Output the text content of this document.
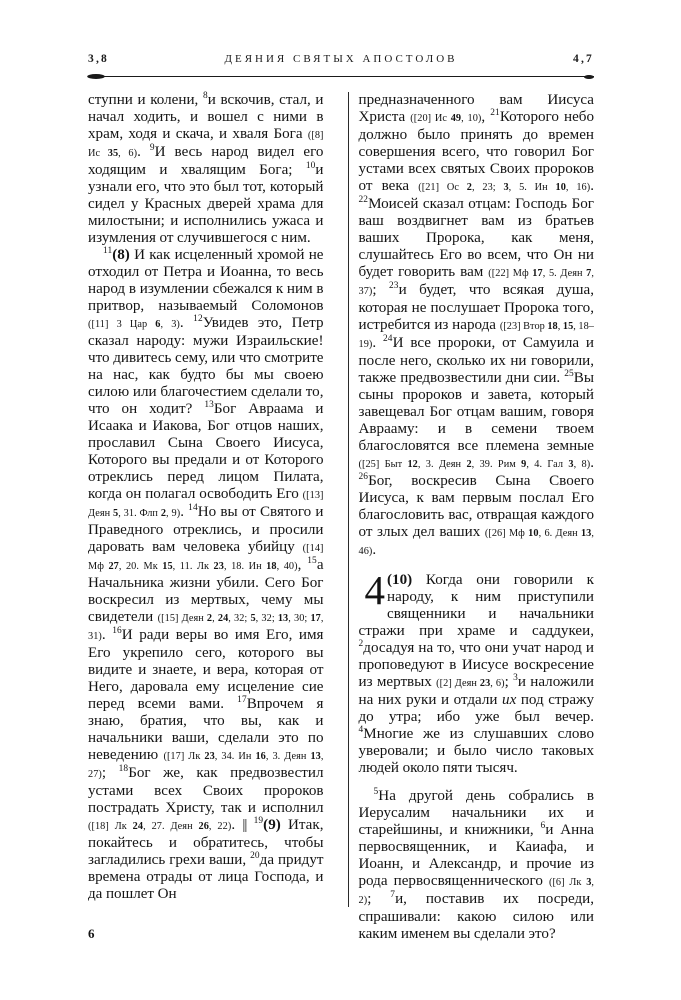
3,8	ДЕЯНИЯ СВЯТЫХ АПОСТОЛОВ	4,7

ступни и колени, $^8$и вскочив, стал, и начал ходить, и вошел с ними в храм, ходя и скача, и хваля Бога ([8] Ис 35, 6). $^9$И весь народ видел его ходящим и хвалящим Бога; $^{10}$и узнали его, что это был тот, который сидел у Красных дверей храма для милостыни; и исполнились ужаса и изумления от случившегося с ним.

$^{11}$(8) И как исцеленный хромой не отходил от Петра и Иоанна, то весь народ в изумлении сбежался к ним в притвор, называемый Соломонов ([11] 3 Цар 6, 3). $^{12}$Увидев это, Петр сказал народу: мужи Израильские! что дивитесь сему, или что смотрите на нас, как будто бы мы своею силою или благочестием сделали то, что он ходит? $^{13}$Бог Авраама и Исаака и Иакова, Бог отцов наших, прославил Сына Своего Иисуса, Которого вы предали и от Которого отреклись перед лицом Пилата, когда он полагал освободить Его ([13] Деян 5, 31. Флп 2, 9). $^{14}$Но вы от Святого и Праведного отреклись, и просили даровать вам человека убийцу ([14] Мф 27, 20. Мк 15, 11. Лк 23, 18. Ин 18, 40), $^{15}$а Начальника жизни убили. Сего Бог воскресил из мертвых, чему мы свидетели ([15] Деян 2, 24, 32; 5, 32; 13, 30; 17, 31). $^{16}$И ради веры во имя Его, имя Его укрепило сего, которого вы видите и знаете, и вера, которая от Него, даровала ему исцеление сие перед всеми вами. $^{17}$Впрочем я знаю, братия, что вы, как и начальники ваши, сделали это по неведению ([17] Лк 23, 34. Ин 16, 3. Деян 13, 27); $^{18}$Бог же, как предвозвестил устами всех Своих пророков пострадать Христу, так и исполнил ([18] Лк 24, 27. Деян 26, 22). || $^{19}$(9) Итак, покайтесь и обратитесь, чтобы загладились грехи ваши, $^{20}$да придут времена отрады от лица Господа, и да пошлет Он

предназначенного вам Иисуса Христа ([20] Ис 49, 10), $^{21}$Которого небо должно было принять до времен совершения всего, что говорил Бог устами всех святых Своих пророков от века ([21] Ос 2, 23; 3, 5. Ин 10, 16). $^{22}$Моисей сказал отцам: Господь Бог ваш воздвигнет вам из братьев ваших Пророка, как меня, слушайтесь Его во всем, что Он ни будет говорить вам ([22] Мф 17, 5. Деян 7, 37); $^{23}$и будет, что всякая душа, которая не послушает Пророка того, истребится из народа ([23] Втор 18, 15, 18–19). $^{24}$И все пророки, от Самуила и после него, сколько их ни говорили, также предвозвестили дни сии. $^{25}$Вы сыны пророков и завета, который завещевал Бог отцам вашим, говоря Аврааму: и в семени твоем благословятся все племена земные ([25] Быт 12, 3. Деян 2, 39. Рим 9, 4. Гал 3, 8). $^{26}$Бог, воскресив Сына Своего Иисуса, к вам первым послал Его благословить вас, отвращая каждого от злых дел ваших ([26] Мф 10, 6. Деян 13, 46).

4 (10) Когда они говорили к народу, к ним приступили священники и начальники стражи при храме и саддукеи, $^2$досадуя на то, что они учат народ и проповедуют в Иисусе воскресение из мертвых ([2] Деян 23, 6); $^3$и наложили на них руки и отдали их под стражу до утра; ибо уже был вечер. $^4$Многие же из слушавших слово уверовали; и было число таковых людей около пяти тысяч.

$^5$На другой день собрались в Иерусалим начальники их и старейшины, и книжники, $^6$и Анна первосвященник, и Каиафа, и Иоанн, и Александр, и прочие из рода первосвященнического ([6] Лк 3, 2); $^7$и, поставив их посреди, спрашивали: какою силою или каким именем вы сделали это?

6
